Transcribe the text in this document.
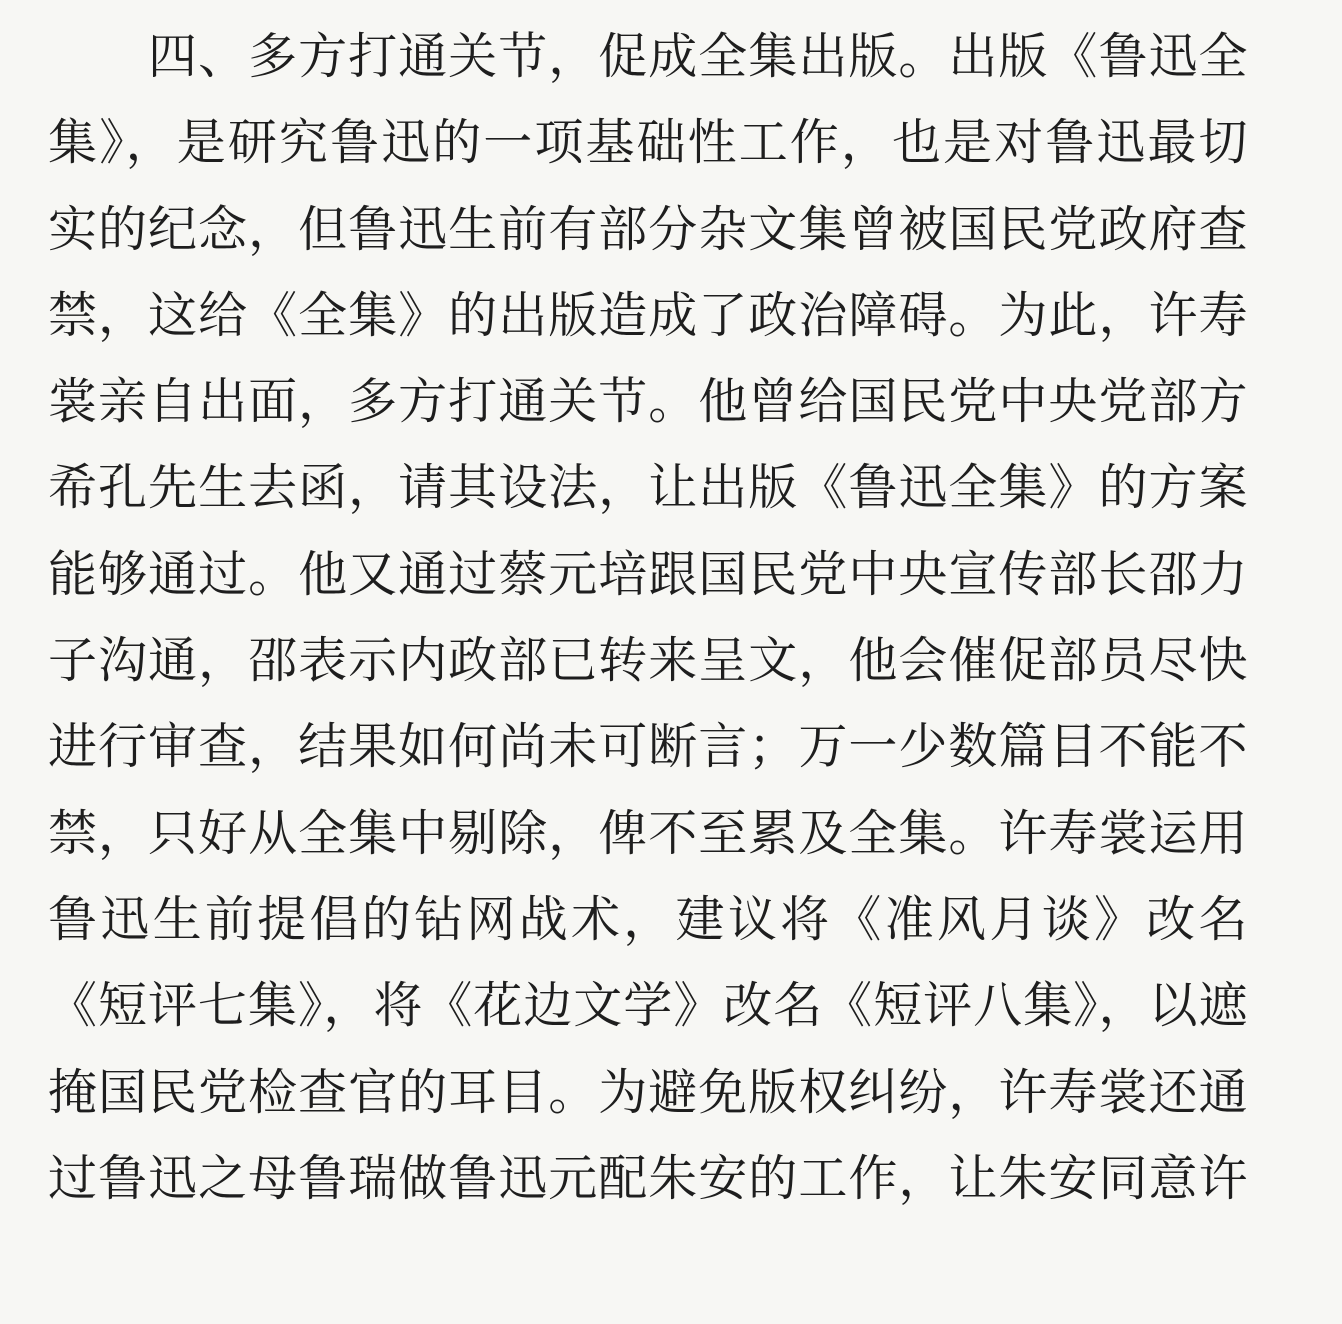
　　四、多方打通关节，促成全集出版。出版《鲁迅全
集》，是研究鲁迅的一项基础性工作，也是对鲁迅最切
实的纪念，但鲁迅生前有部分杂文集曾被国民党政府查
禁，这给《全集》的出版造成了政治障碍。为此，许寿
裳亲自出面，多方打通关节。他曾给国民党中央党部方
希孔先生去函，请其设法，让出版《鲁迅全集》的方案
能够通过。他又通过蔡元培跟国民党中央宣传部长邵力
子沟通，邵表示内政部已转来呈文，他会催促部员尽快
进行审查，结果如何尚未可断言；万一少数篇目不能不
禁，只好从全集中剔除，俾不至累及全集。许寿裳运用
鲁迅生前提倡的钻网战术，建议将《准风月谈》改名
《短评七集》，将《花边文学》改名《短评八集》，以遮
掩国民党检查官的耳目。为避免版权纠纷，许寿裳还通
过鲁迅之母鲁瑞做鲁迅元配朱安的工作，让朱安同意许
